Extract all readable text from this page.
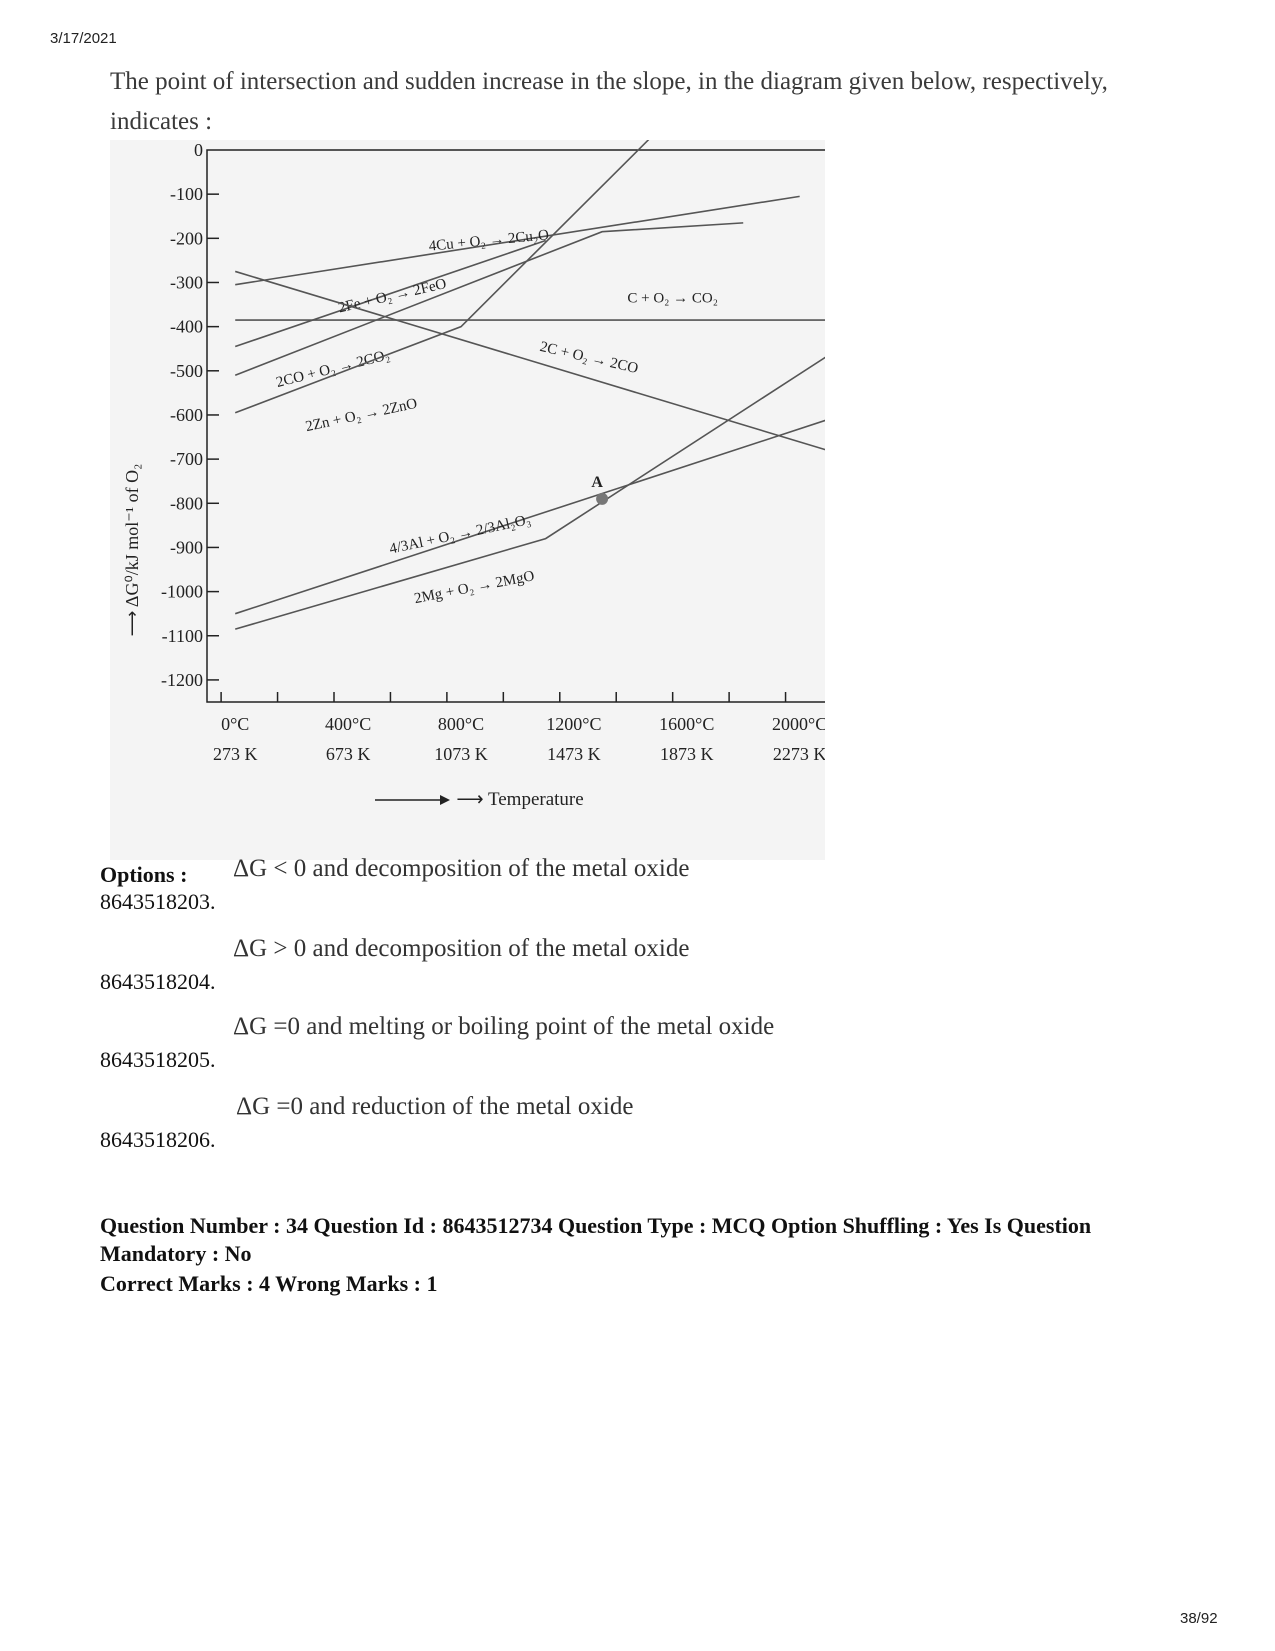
3/17/2021
The point of intersection and sudden increase in the slope, in the diagram given below, respectively, indicates :
⟶ ΔG⁰/kJ mol⁻¹ of O₂
⟶ Temperature
0
-100
-200
-300
-400
-500
-600
-700
-800
-900
-1000
-1100
-1200
0°C
273 K
400°C
673 K
800°C
1073 K
1200°C
1473 K
1600°C
1873 K
2000°C
2273 K
4Cu + O₂ → 2Cu₂O
2Fe + O₂ → 2FeO	C + O₂ → CO₂
2CO + O₂ → 2CO₂	2C + O₂ → 2CO
2Zn + O₂ → 2ZnO
4/3Al + O₂ → 2/3Al₂O₃
2Mg + O₂ → 2MgO
A
Options :
8643518203.
ΔG < 0 and decomposition of the metal oxide
8643518204.
ΔG > 0 and decomposition of the metal oxide
8643518205.
ΔG =0 and melting or boiling point of the metal oxide
8643518206.
ΔG =0 and reduction of the metal oxide
Question Number : 34 Question Id : 8643512734 Question Type : MCQ Option Shuffling : Yes Is Question Mandatory : No
Correct Marks : 4 Wrong Marks : 1
38/92
